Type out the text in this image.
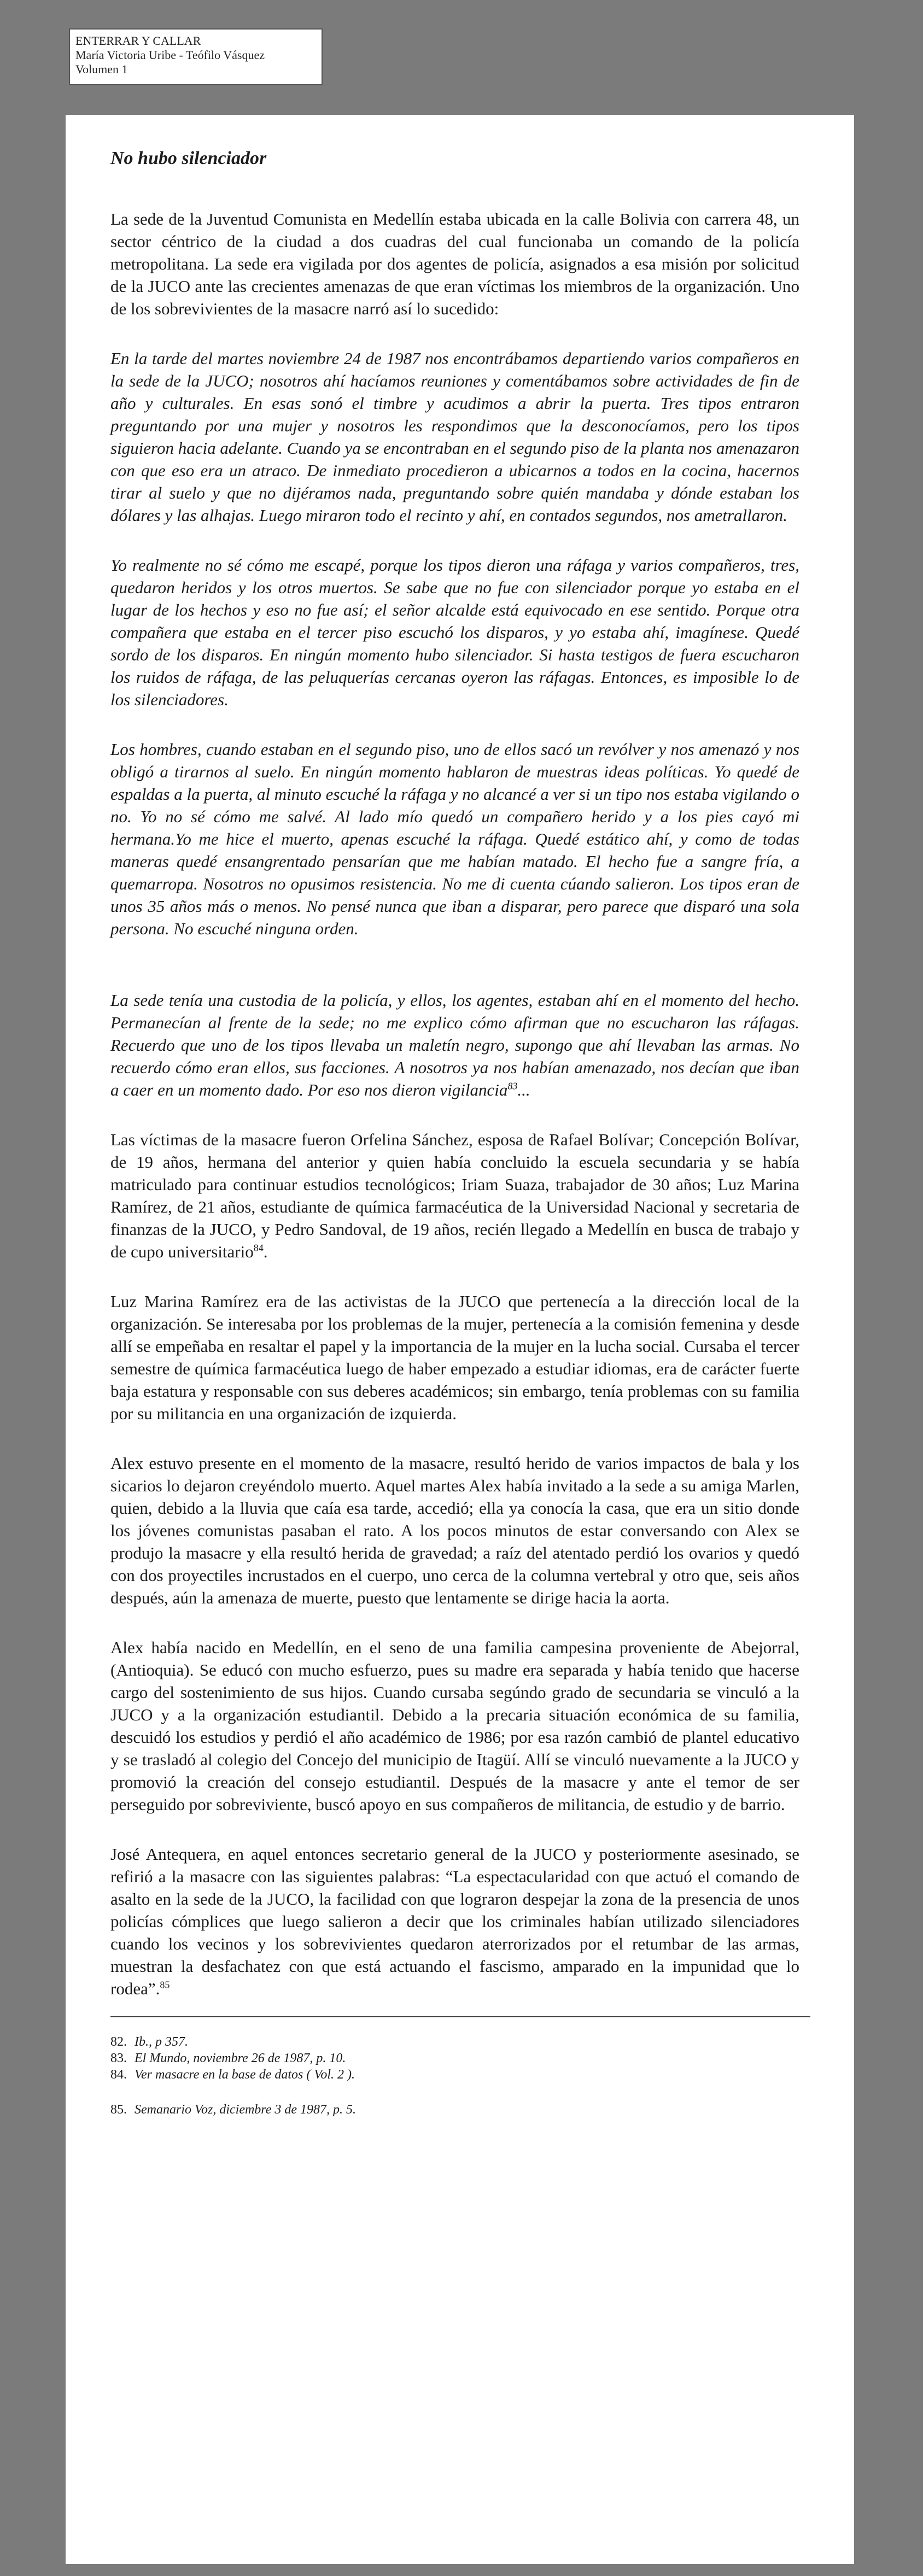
ENTERRAR Y CALLAR
María Victoria Uribe - Teófilo Vásquez
Volumen 1
No hubo silenciador

La sede de la Juventud Comunista en Medellín estaba ubicada en la calle Bolivia con carrera 48, un sector céntrico de la ciudad a dos cuadras del cual funcionaba un comando de la policía metropolitana. La sede era vigilada por dos agentes de policía, asignados a esa misión por solicitud de la JUCO ante las crecientes amenazas de que eran víctimas los miembros de la organización. Uno de los sobrevivientes de la masacre narró así lo sucedido:

En la tarde del martes noviembre 24 de 1987 nos encontrábamos departiendo varios compañeros en la sede de la JUCO; nosotros ahí hacíamos reuniones y comentábamos sobre actividades de fin de año y culturales. En esas sonó el timbre y acudimos a abrir la puerta. Tres tipos entraron preguntando por una mujer y nosotros les respondimos que la desconocíamos, pero los tipos siguieron hacia adelante. Cuando ya se encontraban en el segundo piso de la planta nos amenazaron con que eso era un atraco. De inmediato procedieron a ubicarnos a todos en la cocina, hacernos tirar al suelo y que no dijéramos nada, preguntando sobre quién mandaba y dónde estaban los dólares y las alhajas. Luego miraron todo el recinto y ahí, en contados segundos, nos ametrallaron.

Yo realmente no sé cómo me escapé, porque los tipos dieron una ráfaga y varios compañeros, tres, quedaron heridos y los otros muertos. Se sabe que no fue con silenciador porque yo estaba en el lugar de los hechos y eso no fue así; el señor alcalde está equivocado en ese sentido. Porque otra compañera que estaba en el tercer piso escuchó los disparos, y yo estaba ahí, imagínese. Quedé sordo de los disparos. En ningún momento hubo silenciador. Si hasta testigos de fuera escucharon los ruidos de ráfaga, de las peluquerías cercanas oyeron las ráfagas. Entonces, es imposible lo de los silenciadores.

Los hombres, cuando estaban en el segundo piso, uno de ellos sacó un revólver y nos amenazó y nos obligó a tirarnos al suelo. En ningún momento hablaron de muestras ideas políticas. Yo quedé de espaldas a la puerta, al minuto escuché la ráfaga y no alcancé a ver si un tipo nos estaba vigilando o no. Yo no sé cómo me salvé. Al lado mío quedó un compañero herido y a los pies cayó mi hermana.Yo me hice el muerto, apenas escuché la ráfaga. Quedé estático ahí, y como de todas maneras quedé ensangrentado pensarían que me habían matado. El hecho fue a sangre fría, a quemarropa. Nosotros no opusimos resistencia. No me di cuenta cúando salieron. Los tipos eran de unos 35 años más o menos. No pensé nunca que iban a disparar, pero parece que disparó una sola persona. No escuché ninguna orden.

La sede tenía una custodia de la policía, y ellos, los agentes, estaban ahí en el momento del hecho. Permanecían al frente de la sede; no me explico cómo afirman que no escucharon las ráfagas. Recuerdo que uno de los tipos llevaba un maletín negro, supongo que ahí llevaban las armas. No recuerdo cómo eran ellos, sus facciones. A nosotros ya nos habían amenazado, nos decían que iban a caer en un momento dado. Por eso nos dieron vigilancia$^{83}$...

Las víctimas de la masacre fueron Orfelina Sánchez, esposa de Rafael Bolívar; Concepción Bolívar, de 19 años, hermana del anterior y quien había concluido la escuela secundaria y se había matriculado para continuar estudios tecnológicos; Iriam Suaza, trabajador de 30 años; Luz Marina Ramírez, de 21 años, estudiante de química farmacéutica de la Universidad Nacional y secretaria de finanzas de la JUCO, y Pedro Sandoval, de 19 años, recién llegado a Medellín en busca de trabajo y de cupo universitario$^{84}$.

Luz Marina Ramírez era de las activistas de la JUCO que pertenecía a la dirección local de la organización. Se interesaba por los problemas de la mujer, pertenecía a la comisión femenina y desde allí se empeñaba en resaltar el papel y la importancia de la mujer en la lucha social. Cursaba el tercer semestre de química farmacéutica luego de haber empezado a estudiar idiomas, era de carácter fuerte baja estatura y responsable con sus deberes académicos; sin embargo, tenía problemas con su familia por su militancia en una organización de izquierda.

Alex estuvo presente en el momento de la masacre, resultó herido de varios impactos de bala y los sicarios lo dejaron creyéndolo muerto. Aquel martes Alex había invitado a la sede a su amiga Marlen, quien, debido a la lluvia que caía esa tarde, accedió; ella ya conocía la casa, que era un sitio donde los jóvenes comunistas pasaban el rato. A los pocos minutos de estar conversando con Alex se produjo la masacre y ella resultó herida de gravedad; a raíz del atentado perdió los ovarios y quedó con dos proyectiles incrustados en el cuerpo, uno cerca de la columna vertebral y otro que, seis años después, aún la amenaza de muerte, puesto que lentamente se dirige hacia la aorta.

Alex había nacido en Medellín, en el seno de una familia campesina proveniente de Abejorral, (Antioquia). Se educó con mucho esfuerzo, pues su madre era separada y había tenido que hacerse cargo del sostenimiento de sus hijos. Cuando cursaba segúndo grado de secundaria se vinculó a la JUCO y a la organización estudiantil. Debido a la precaria situación económica de su familia, descuidó los estudios y perdió el año académico de 1986; por esa razón cambió de plantel educativo y se trasladó al colegio del Concejo del municipio de Itagüí. Allí se vinculó nuevamente a la JUCO y promovió la creación del consejo estudiantil. Después de la masacre y ante el temor de ser perseguido por sobreviviente, buscó apoyo en sus compañeros de militancia, de estudio y de barrio.

José Antequera, en aquel entonces secretario general de la JUCO y posteriormente asesinado, se refirió a la masacre con las siguientes palabras: “La espectacularidad con que actuó el comando de asalto en la sede de la JUCO, la facilidad con que lograron despejar la zona de la presencia de unos policías cómplices que luego salieron a decir que los criminales habían utilizado silenciadores cuando los vecinos y los sobrevivientes quedaron aterrorizados por el retumbar de las armas, muestran la desfachatez con que está actuando el fascismo, amparado en la impunidad que lo rodea”.$^{85}$

82. Ib., p 357.
83. El Mundo, noviembre 26 de 1987, p. 10.
84. Ver masacre en la base de datos ( Vol. 2 ).
85. Semanario Voz, diciembre 3 de 1987, p. 5.
